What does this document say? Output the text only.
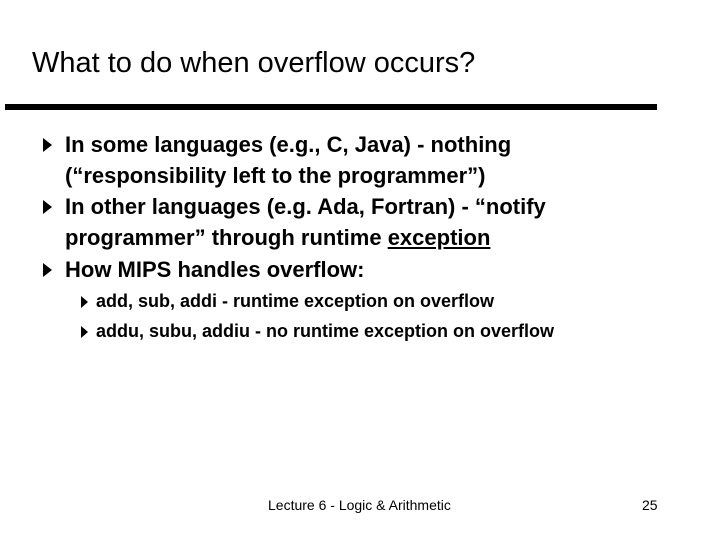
What to do when overflow occurs?
In some languages (e.g., C, Java) - nothing (“responsibility left to the programmer”)
In other languages (e.g. Ada, Fortran) - “notify programmer” through runtime exception
How MIPS handles overflow:
add, sub, addi - runtime exception on overflow
addu, subu, addiu - no runtime exception on overflow
Lecture 6 - Logic & Arithmetic	25
